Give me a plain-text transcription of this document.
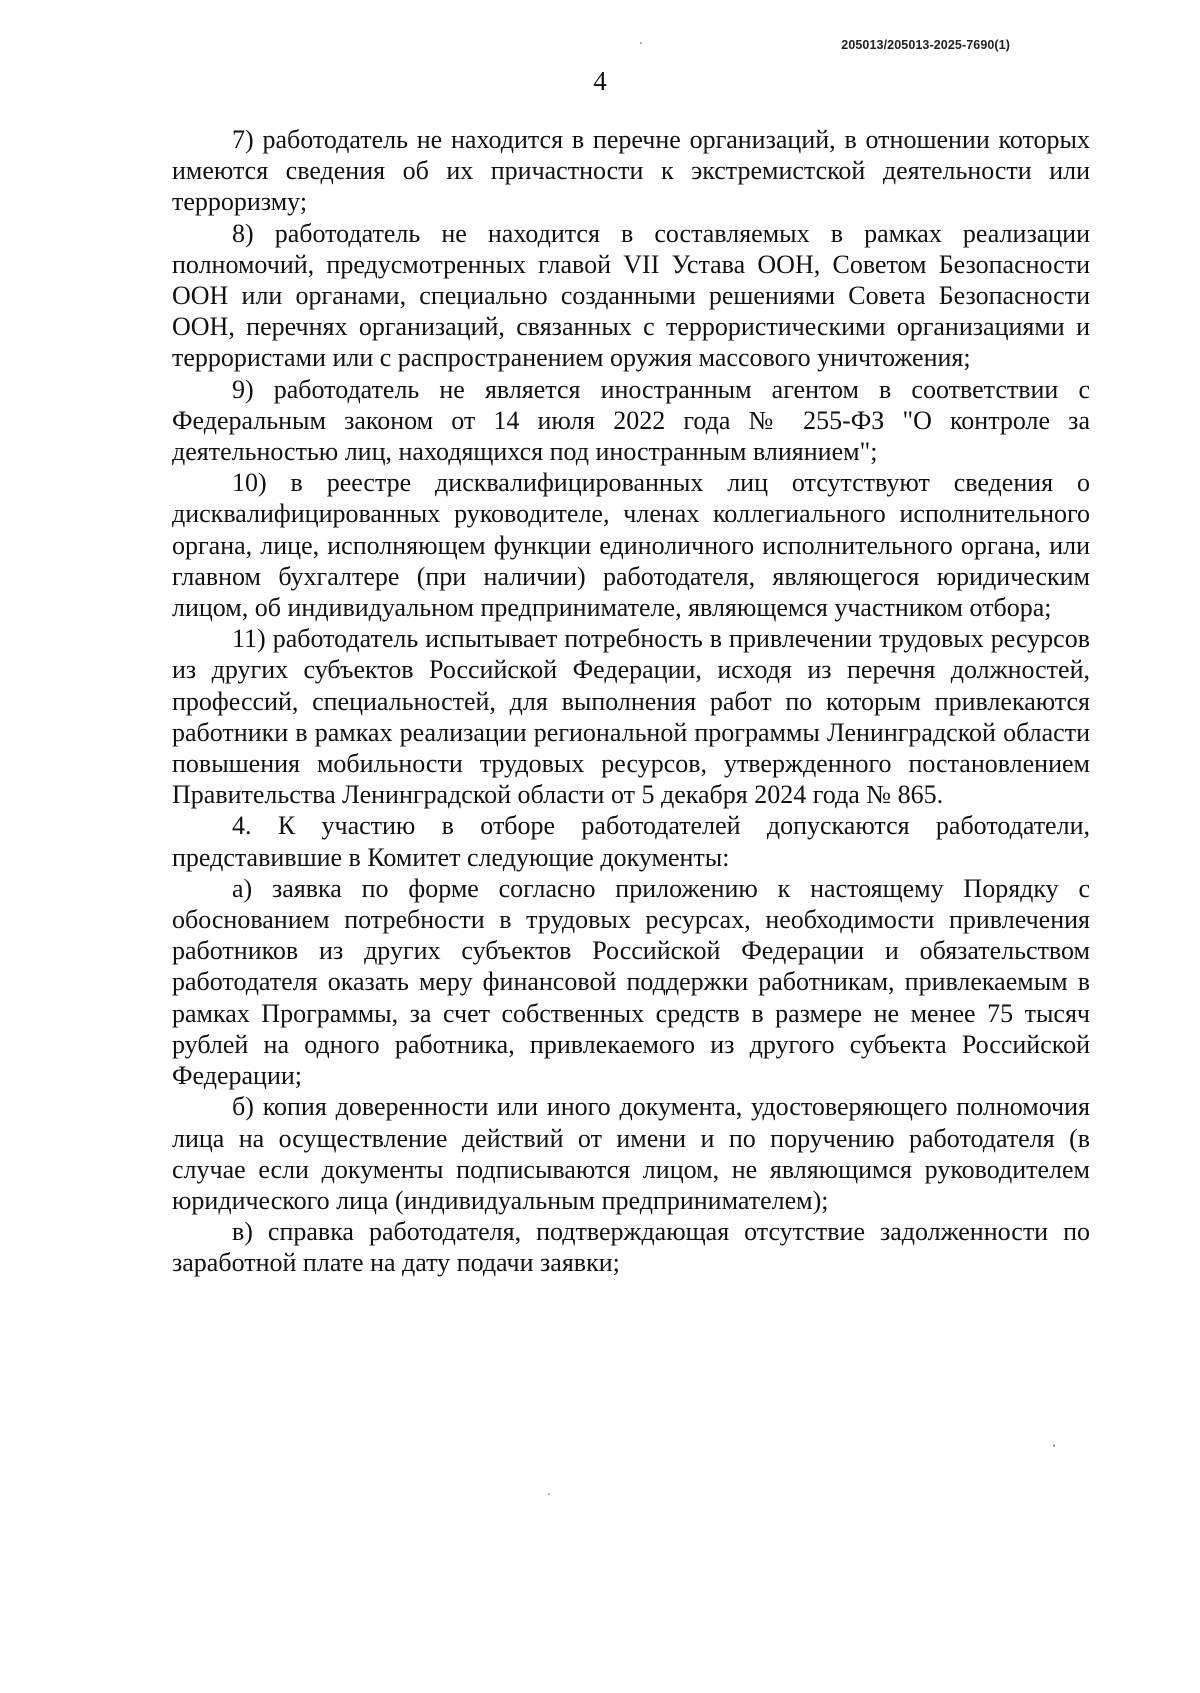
205013/205013-2025-7690(1)
4

7) работодатель не находится в перечне организаций, в отношении которых имеются сведения об их причастности к экстремистской деятельности или терроризму;

8) работодатель не находится в составляемых в рамках реализации полномочий, предусмотренных главой VII Устава ООН, Советом Безопасности ООН или органами, специально созданными решениями Совета Безопасности ООН, перечнях организаций, связанных с террористическими организациями и террористами или с распространением оружия массового уничтожения;

9) работодатель не является иностранным агентом в соответствии с Федеральным законом от 14 июля 2022 года № 255-ФЗ "О контроле за деятельностью лиц, находящихся под иностранным влиянием";

10) в реестре дисквалифицированных лиц отсутствуют сведения о дисквалифицированных руководителе, членах коллегиального исполнительного органа, лице, исполняющем функции единоличного исполнительного органа, или главном бухгалтере (при наличии) работодателя, являющегося юридическим лицом, об индивидуальном предпринимателе, являющемся участником отбора;

11) работодатель испытывает потребность в привлечении трудовых ресурсов из других субъектов Российской Федерации, исходя из перечня должностей, профессий, специальностей, для выполнения работ по которым привлекаются работники в рамках реализации региональной программы Ленинградской области повышения мобильности трудовых ресурсов, утвержденного постановлением Правительства Ленинградской области от 5 декабря 2024 года № 865.

4. К участию в отборе работодателей допускаются работодатели, представившие в Комитет следующие документы:

а) заявка по форме согласно приложению к настоящему Порядку с обоснованием потребности в трудовых ресурсах, необходимости привлечения работников из других субъектов Российской Федерации и обязательством работодателя оказать меру финансовой поддержки работникам, привлекаемым в рамках Программы, за счет собственных средств в размере не менее 75 тысяч рублей на одного работника, привлекаемого из другого субъекта Российской Федерации;

б) копия доверенности или иного документа, удостоверяющего полномочия лица на осуществление действий от имени и по поручению работодателя (в случае если документы подписываются лицом, не являющимся руководителем юридического лица (индивидуальным предпринимателем);

в) справка работодателя, подтверждающая отсутствие задолженности по заработной плате на дату подачи заявки;
